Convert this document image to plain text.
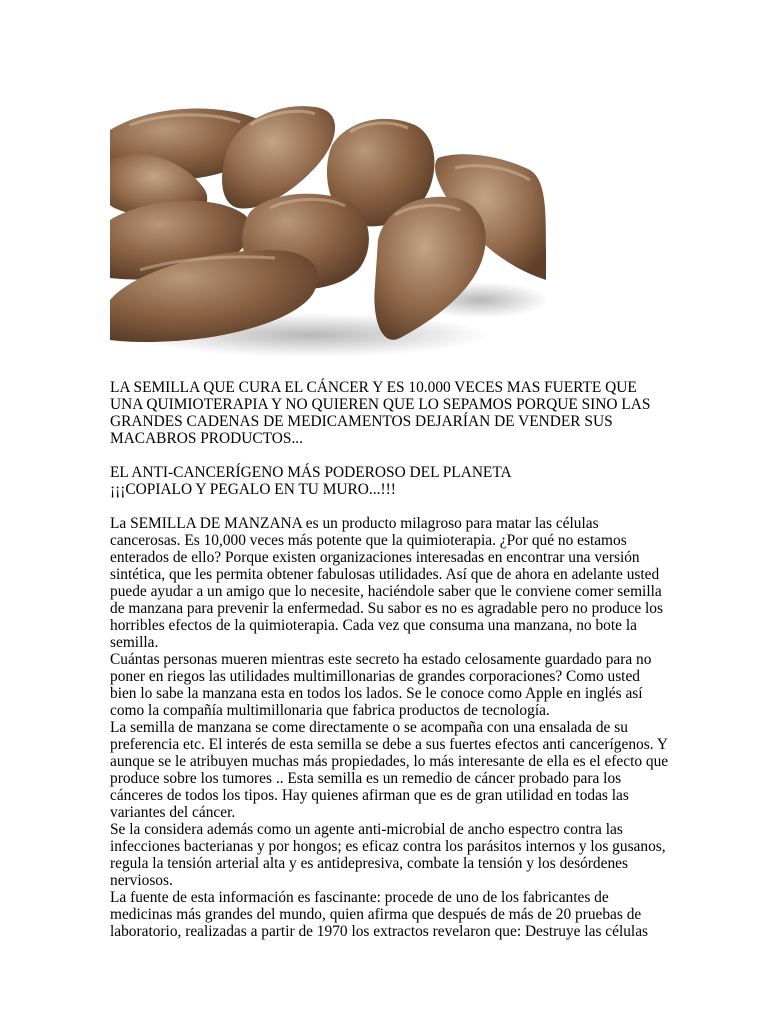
LA SEMILLA QUE CURA EL CÁNCER Y ES 10.000 VECES MAS FUERTE QUE UNA QUIMIOTERAPIA Y NO QUIEREN QUE LO SEPAMOS PORQUE SINO LAS GRANDES CADENAS DE MEDICAMENTOS DEJARÍAN DE VENDER SUS MACABROS PRODUCTOS...

EL ANTI-CANCERÍGENO MÁS PODEROSO DEL PLANETA
¡¡¡COPIALO Y PEGALO EN TU MURO...!!!

La SEMILLA DE MANZANA es un producto milagroso para matar las células cancerosas. Es 10,000 veces más potente que la quimioterapia. ¿Por qué no estamos enterados de ello? Porque existen organizaciones interesadas en encontrar una versión sintética, que les permita obtener fabulosas utilidades. Así que de ahora en adelante usted puede ayudar a un amigo que lo necesite, haciéndole saber que le conviene comer semilla de manzana para prevenir la enfermedad. Su sabor es no es agradable pero no produce los horribles efectos de la quimioterapia. Cada vez que consuma una manzana, no bote la semilla.

Cuántas personas mueren mientras este secreto ha estado celosamente guardado para no poner en riegos las utilidades multimillonarias de grandes corporaciones? Como usted bien lo sabe la manzana esta en todos los lados. Se le conoce como Apple en inglés así como la compañía multimillonaria que fabrica productos de tecnología.

La semilla de manzana se come directamente o se acompaña con una ensalada de su preferencia etc. El interés de esta semilla se debe a sus fuertes efectos anti cancerígenos. Y aunque se le atribuyen muchas más propiedades, lo más interesante de ella es el efecto que produce sobre los tumores .. Esta semilla es un remedio de cáncer probado para los cánceres de todos los tipos. Hay quienes afirman que es de gran utilidad en todas las variantes del cáncer.

Se la considera además como un agente anti-microbial de ancho espectro contra las infecciones bacterianas y por hongos; es eficaz contra los parásitos internos y los gusanos, regula la tensión arterial alta y es antidepresiva, combate la tensión y los desórdenes nerviosos.

La fuente de esta información es fascinante: procede de uno de los fabricantes de medicinas más grandes del mundo, quien afirma que después de más de 20 pruebas de laboratorio, realizadas a partir de 1970 los extractos revelaron que: Destruye las células
